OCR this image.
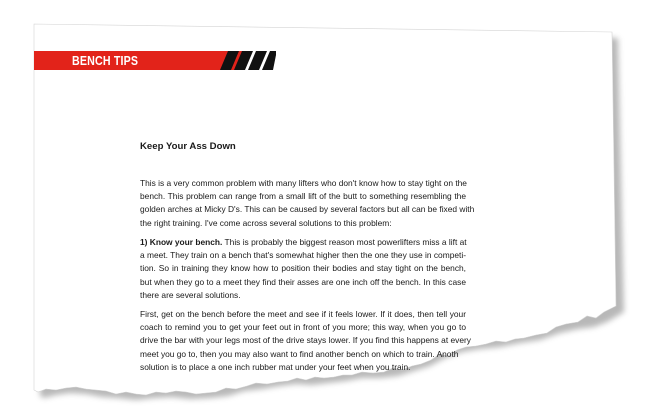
BENCH TIPS
Keep Your Ass Down

This is a very common problem with many lifters who don't know how to stay tight on the
bench. This problem can range from a small lift of the butt to something resembling the
golden arches at Micky D's. This can be caused by several factors but all can be fixed with
the right training. I've come across several solutions to this problem:

1) Know your bench. This is probably the biggest reason most powerlifters miss a lift at
a meet. They train on a bench that's somewhat higher then the one they use in competi-
tion. So in training they know how to position their bodies and stay tight on the bench,
but when they go to a meet they find their asses are one inch off the bench. In this case
there are several solutions.

First, get on the bench before the meet and see if it feels lower. If it does, then tell your
coach to remind you to get your feet out in front of you more; this way, when you go to
drive the bar with your legs most of the drive stays lower. If you find this happens at every
meet you go to, then you may also want to find another bench on which to train. Anoth
solution is to place a one inch rubber mat under your feet when you train.
